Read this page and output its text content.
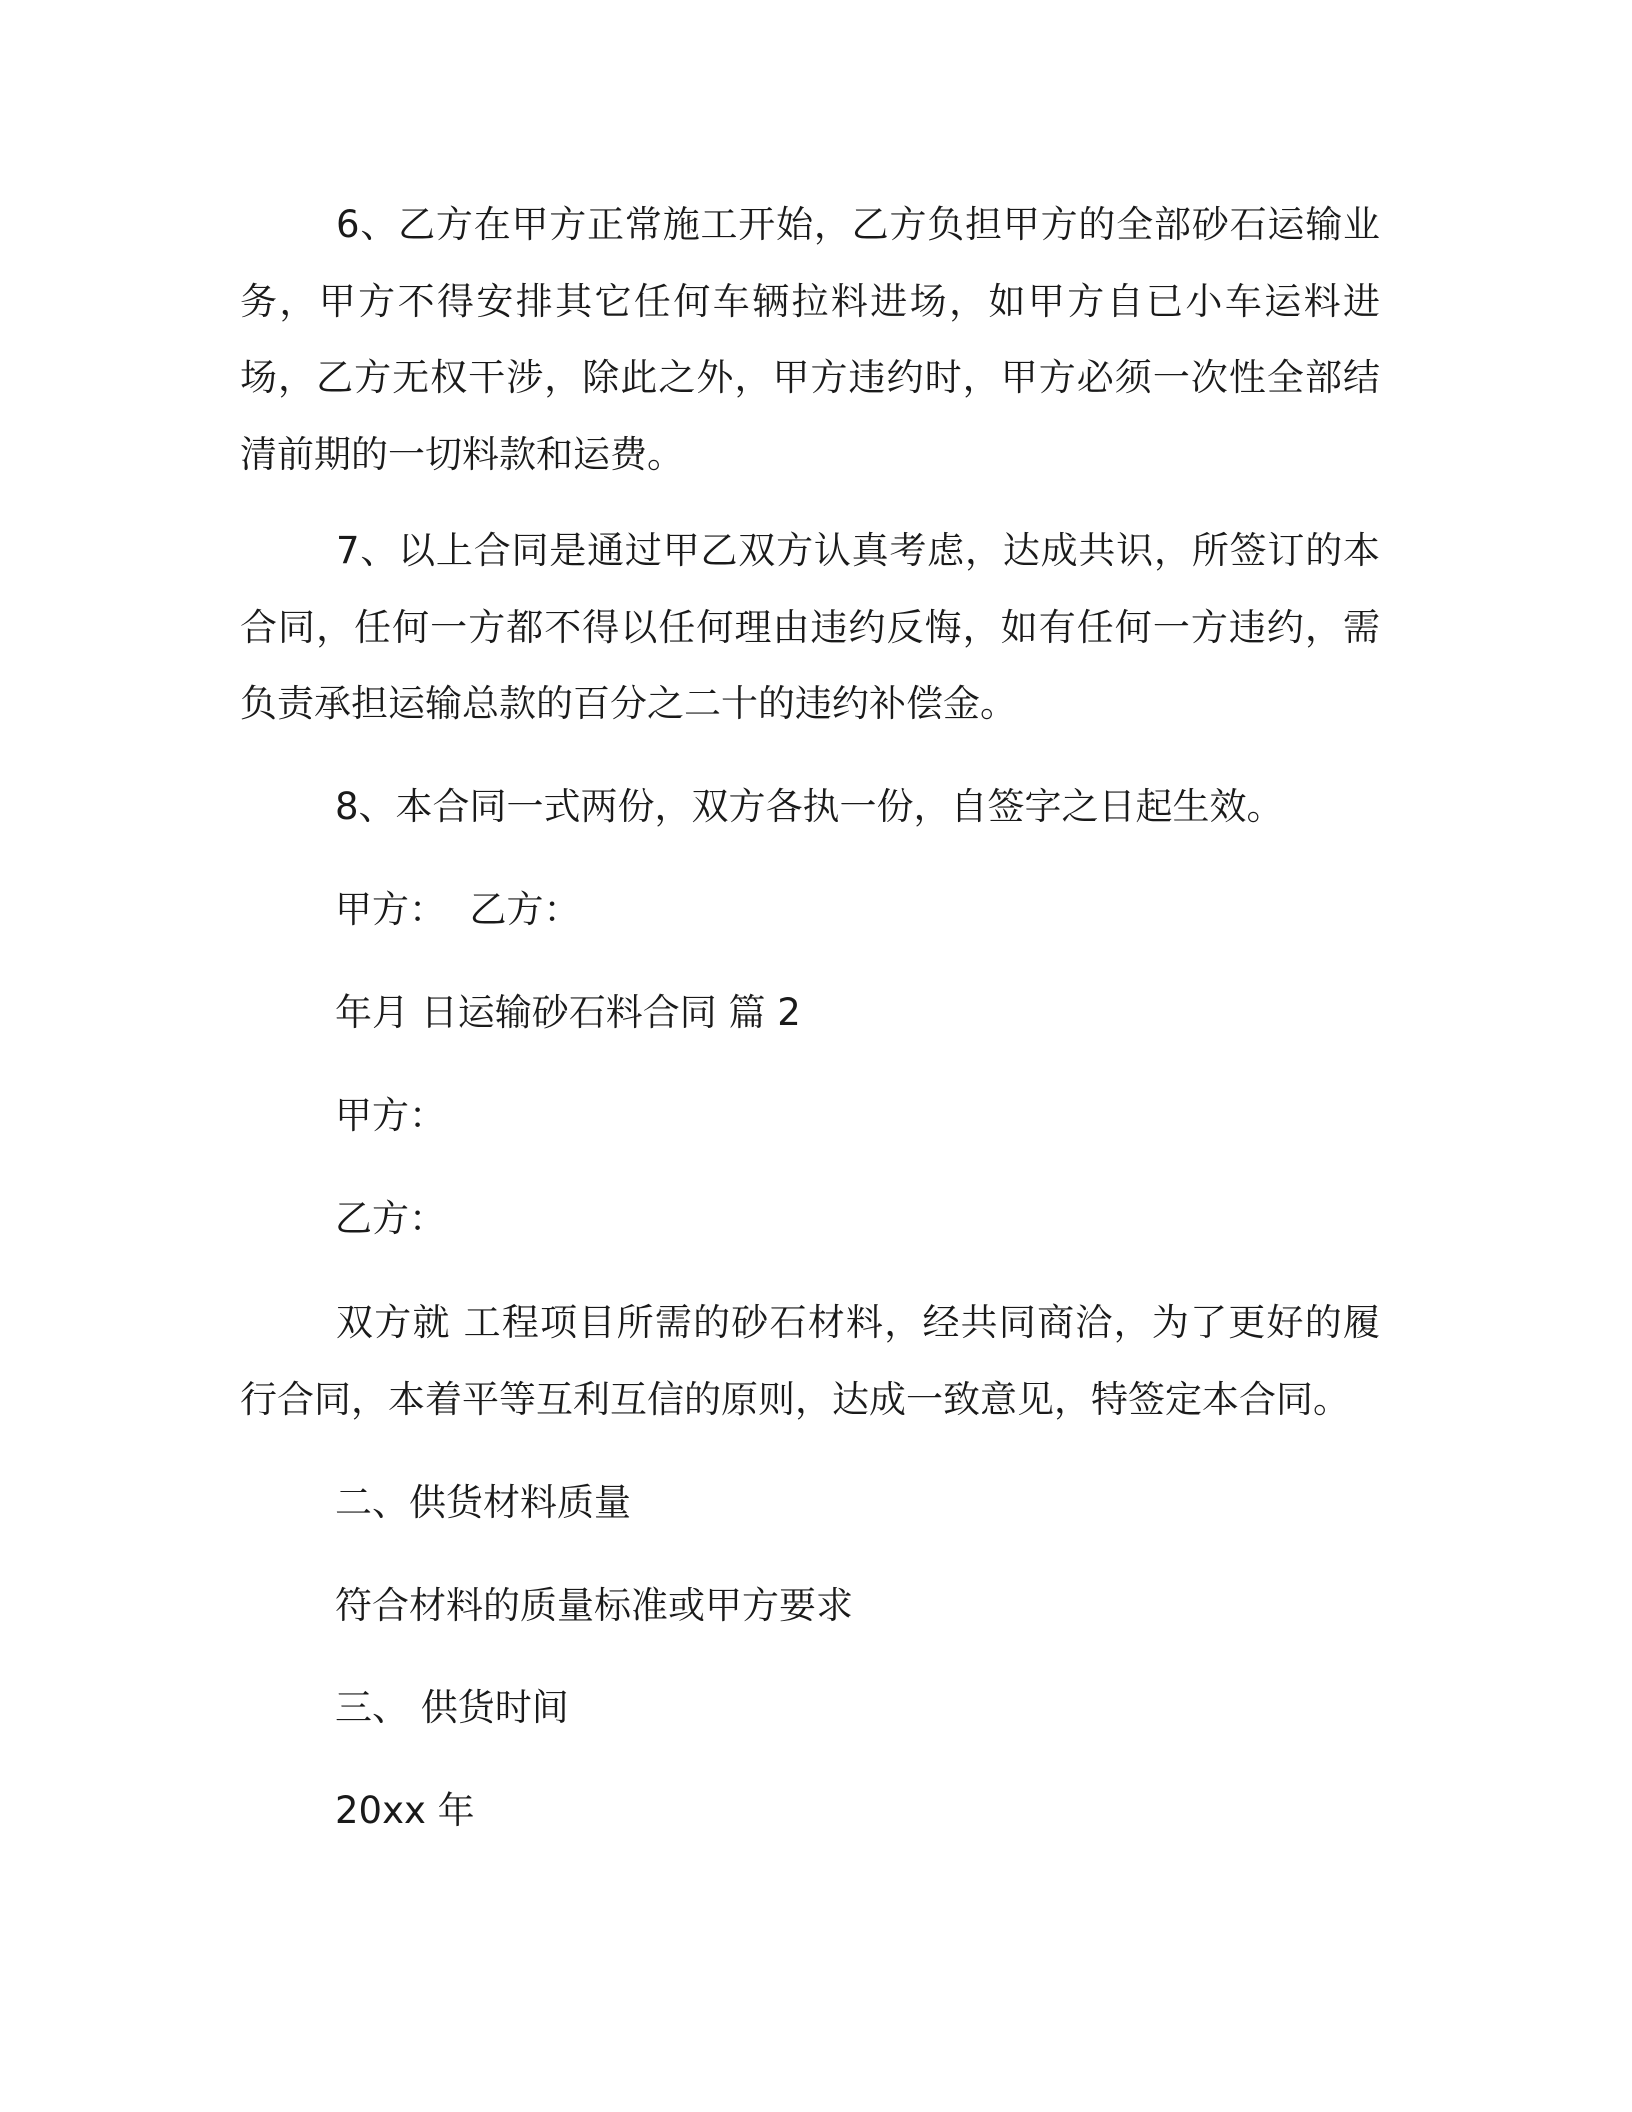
6、乙方在甲方正常施工开始，乙方负担甲方的全部砂石运输业务，甲方不得安排其它任何车辆拉料进场，如甲方自已小车运料进场，乙方无权干涉，除此之外，甲方违约时，甲方必须一次性全部结清前期的一切料款和运费。

7、以上合同是通过甲乙双方认真考虑，达成共识，所签订的本合同，任何一方都不得以任何理由违约反悔，如有任何一方违约，需负责承担运输总款的百分之二十的违约补偿金。

8、本合同一式两份，双方各执一份，自签字之日起生效。

甲方：  乙方：

年月 日运输砂石料合同 篇 2

甲方：

乙方：

双方就 工程项目所需的砂石材料，经共同商洽，为了更好的履行合同，本着平等互利互信的原则，达成一致意见，特签定本合同。

二、供货材料质量

符合材料的质量标准或甲方要求

三、 供货时间

20xx 年
